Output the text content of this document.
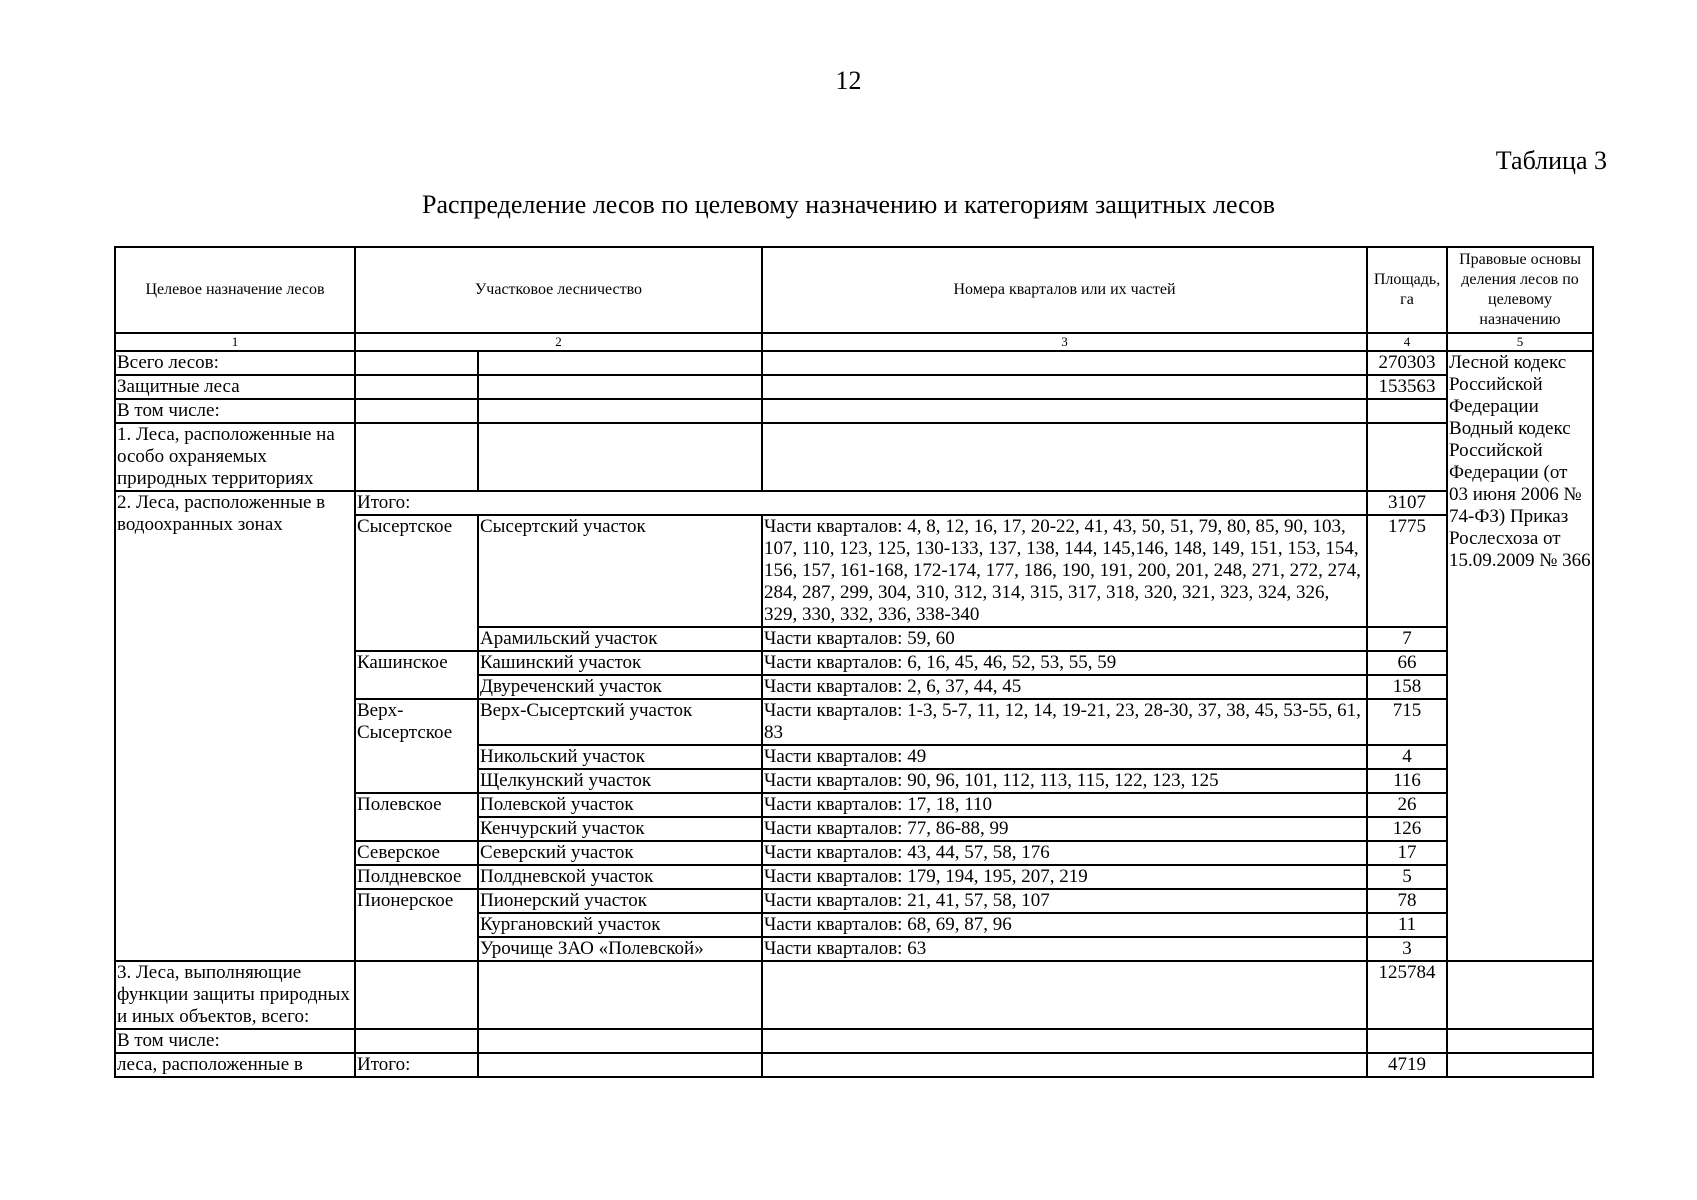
12
Таблица 3
Распределение лесов по целевому назначению и категориям защитных лесов
Целевое назначение лесов	Участковое лесничество		Номера кварталов или их частей	Площадь, га	Правовые основы деления лесов по целевому назначению
1	2		3	4	5
Всего лесов:				270303	Лесной кодекс Российской Федерации Водный кодекс Российской Федерации (от 03 июня 2006 № 74-ФЗ) Приказ Рослесхоза от 15.09.2009 № 366
Защитные леса				153563	
В том числе:					
1. Леса, расположенные на особо охраняемых природных территориях					
2. Леса, расположенные в водоохранных зонах	Итого:			3107	
	Сысертское	Сысертский участок	Части кварталов: 4, 8, 12, 16, 17, 20-22, 41, 43, 50, 51, 79, 80, 85, 90, 103, 107, 110, 123, 125, 130-133, 137, 138, 144, 145,146, 148, 149, 151, 153, 154, 156, 157, 161-168, 172-174, 177, 186, 190, 191, 200, 201, 248, 271, 272, 274, 284, 287, 299, 304, 310, 312, 314, 315, 317, 318, 320, 321, 323, 324, 326, 329, 330, 332, 336, 338-340	1775	
		Арамильский участок	Части кварталов: 59, 60	7	
	Кашинское	Кашинский участок	Части кварталов: 6, 16, 45, 46, 52, 53, 55, 59	66	
		Двуреченский участок	Части кварталов: 2, 6, 37, 44, 45	158	
	Верх-Сысертское	Верх-Сысертский участок	Части кварталов: 1-3, 5-7, 11, 12, 14, 19-21, 23, 28-30, 37, 38, 45, 53-55, 61, 83	715	
		Никольский участок	Части кварталов: 49	4	
		Щелкунский участок	Части кварталов: 90, 96, 101, 112, 113, 115, 122, 123, 125	116	
	Полевское	Полевской участок	Части кварталов: 17, 18, 110	26	
		Кенчурский участок	Части кварталов: 77, 86-88, 99	126	
	Северское	Северский участок	Части кварталов: 43, 44, 57, 58, 176	17	
	Полдневское	Полдневской участок	Части кварталов: 179, 194, 195, 207, 219	5	
	Пионерское	Пионерский участок	Части кварталов: 21, 41, 57, 58, 107	78	
		Кургановский участок	Части кварталов: 68, 69, 87, 96	11	
		Урочище ЗАО «Полевской»	Части кварталов: 63	3	
3. Леса, выполняющие функции защиты природных и иных объектов, всего:				125784	
В том числе:					
леса, расположенные в	Итого:			4719	
